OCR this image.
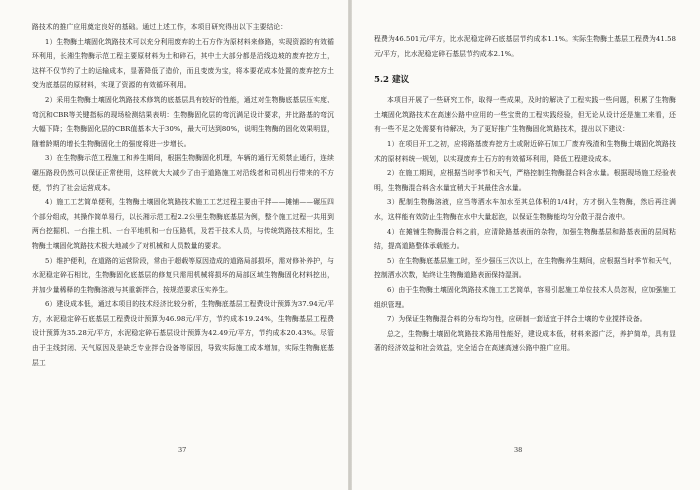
路技术的推广应用奠定良好的基础。通过上述工作，本项目研究得出以下主要结论：

1）生物酶土壤固化筑路技术可以充分利用废弃的土石方作为原材料来修路，实现资源的有效循环利用，长湘生物酶示范工程主要原材料为土和碎石，其中土大部分都是沿线边坡的废弃挖方土，这样不仅节约了土的运输成本，显著降低了造价，而且变废为宝，将本要花成本处置的废弃挖方土变为底基层的原材料，实现了资源的有效循环利用。

2）采用生物酶土壤固化筑路技术修筑的底基层具有较好的性能，通过对生物酶底基层压实度、弯沉和CBR等关键指标的现场检测结果表明：生物酶固化层的弯沉满足设计要求，并比路基的弯沉大幅下降；生物酶固化层的CBR值基本大于30%，最大可达到80%，说明生物酶的固化效果明显，随着龄期的增长生物酶固化土的强度将进一步增长。

3）在生物酶示范工程施工和养生期间，根据生物酶固化机理，车辆的通行无须禁止通行，连续碾压路段仍然可以保证正常使用，这样就大大减少了由于道路施工对沿线者和司机出行带来的不方便，节约了社会运营成本。

4）施工工艺简单便利，生物酶土壤固化筑路技术施工工艺过程主要由干拌——摊铺——碾压四个部分组成，其操作简单易行，以长湘示范工程2.2公里生物酶底基层为例，整个施工过程一共用到两台挖掘机、一台推土机、一台平地机和一台压路机，及若干技术人员，与传统筑路技术相比，生物酶土壤固化筑路技术极大地减少了对机械和人员数量的要求。

5）维护便利，在道路的运营阶段，常由于超载等原因造成的道路局部损坏，需对修补养护，与水泥稳定碎石相比，生物酶固化底基层的修复只需用机械将损坏的局部区域生物酶固化材料挖出，并加少量稀释的生物酶溶液与其重新拌合，按规范要求压实养生。

6）建设成本低，通过本项目的技术经济比较分析，生物酶底基层工程费设计预算为37.94元/平方，水泥稳定碎石底基层工程费设计预算为46.98元/平方，节约成本19.24%，生物酶基层工程费设计预算为35.28元/平方，水泥稳定碎石基层设计预算为42.49元/平方，节约成本20.43%。尽管由于主线封闭、天气原因及是缺乏专业拌合设备等原因，导致实际施工成本增加，实际生物酶底基层工

37

程费为46.501元/平方，比水泥稳定碎石底基层节约成本1.1%。实际生物酶土基层工程费为41.58元/平方，比水泥稳定碎石基层节约成本2.1%。

5.2 建议

本项目开展了一些研究工作，取得一些成果，及时的解决了工程实践一些问题，积累了生物酶土壤固化筑路技术在高速公路中应用的一些宝贵的工程实践经验，但无论从设计还是施工来看，还有一些不足之处需要有待解决，为了更好推广生物酶固化筑路技术，提出以下建议：

1）在项目开工之初，应将路基废弃挖方土或附近碎石加工厂废弃残渣和生物酶土壤固化筑路技术的原材料统一规划，以实现废弃土石方的有效循环利用，降低工程建设成本。

2）在施工期间，应根据当时季节和天气，严格控制生物酶混合料含水量。根据现场施工经验表明，生物酶混合料含水量宜稍大于其最佳含水量。

3）配制生物酶溶液，应当等洒水车加水至其总体积的1/4时，方才倒入生物酶，然后再注满水，这样能有效防止生物酶在水中大量起泡，以保证生物酶能均匀分散于混合液中。

4）在摊铺生物酶混合料之前，应清除路基表面的杂物，加强生物酶基层和路基表面的层间粘结，提高道路整体承载能力。

5）在生物酶底基层施工时，至少强压三次以上，在生物酶养生期间，应根据当时季节和天气，控制洒水次数，始终让生物酶道路表面保持湿润。

6）由于生物酶土壤固化筑路技术施工工艺简单，容易引起施工单位技术人员忽视，应加强施工组织管理。

7）为保证生物酶混合料的分布均匀性，应研制一套适宜于拌合土壤的专业搅拌设备。

总之，生物酶土壤固化筑路技术路用性能好，建设成本低，材料来源广泛，养护简单，具有显著的经济效益和社会效益，完全适合在高速高速公路中推广应用。

38
